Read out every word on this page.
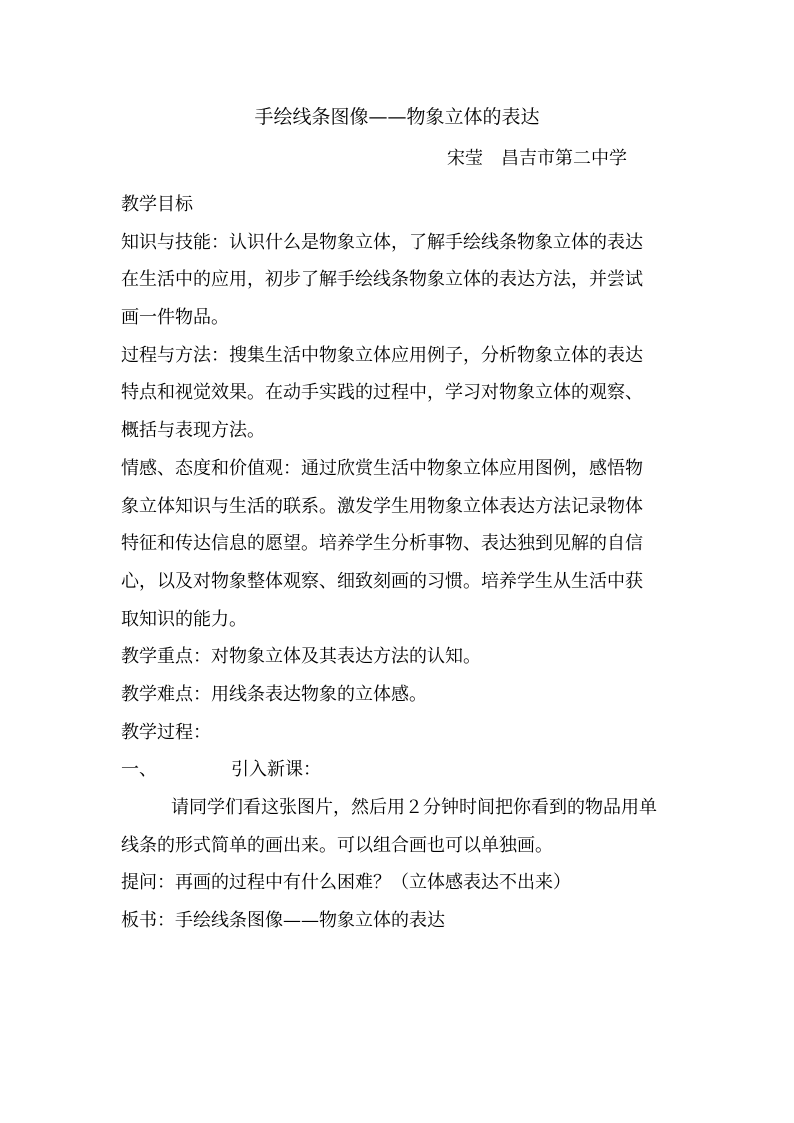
手绘线条图像——物象立体的表达
宋莹 昌吉市第二中学
教学目标
知识与技能：认识什么是物象立体，了解手绘线条物象立体的表达
在生活中的应用，初步了解手绘线条物象立体的表达方法，并尝试
画一件物品。
过程与方法：搜集生活中物象立体应用例子，分析物象立体的表达
特点和视觉效果。在动手实践的过程中，学习对物象立体的观察、
概括与表现方法。
情感、态度和价值观：通过欣赏生活中物象立体应用图例，感悟物
象立体知识与生活的联系。激发学生用物象立体表达方法记录物体
特征和传达信息的愿望。培养学生分析事物、表达独到见解的自信
心，以及对物象整体观察、细致刻画的习惯。培养学生从生活中获
取知识的能力。
教学重点：对物象立体及其表达方法的认知。
教学难点：用线条表达物象的立体感。
教学过程：
一、	引入新课：
请同学们看这张图片，然后用２分钟时间把你看到的物品用单
线条的形式简单的画出来。可以组合画也可以单独画。
提问：再画的过程中有什么困难？（立体感表达不出来）
板书：手绘线条图像——物象立体的表达
